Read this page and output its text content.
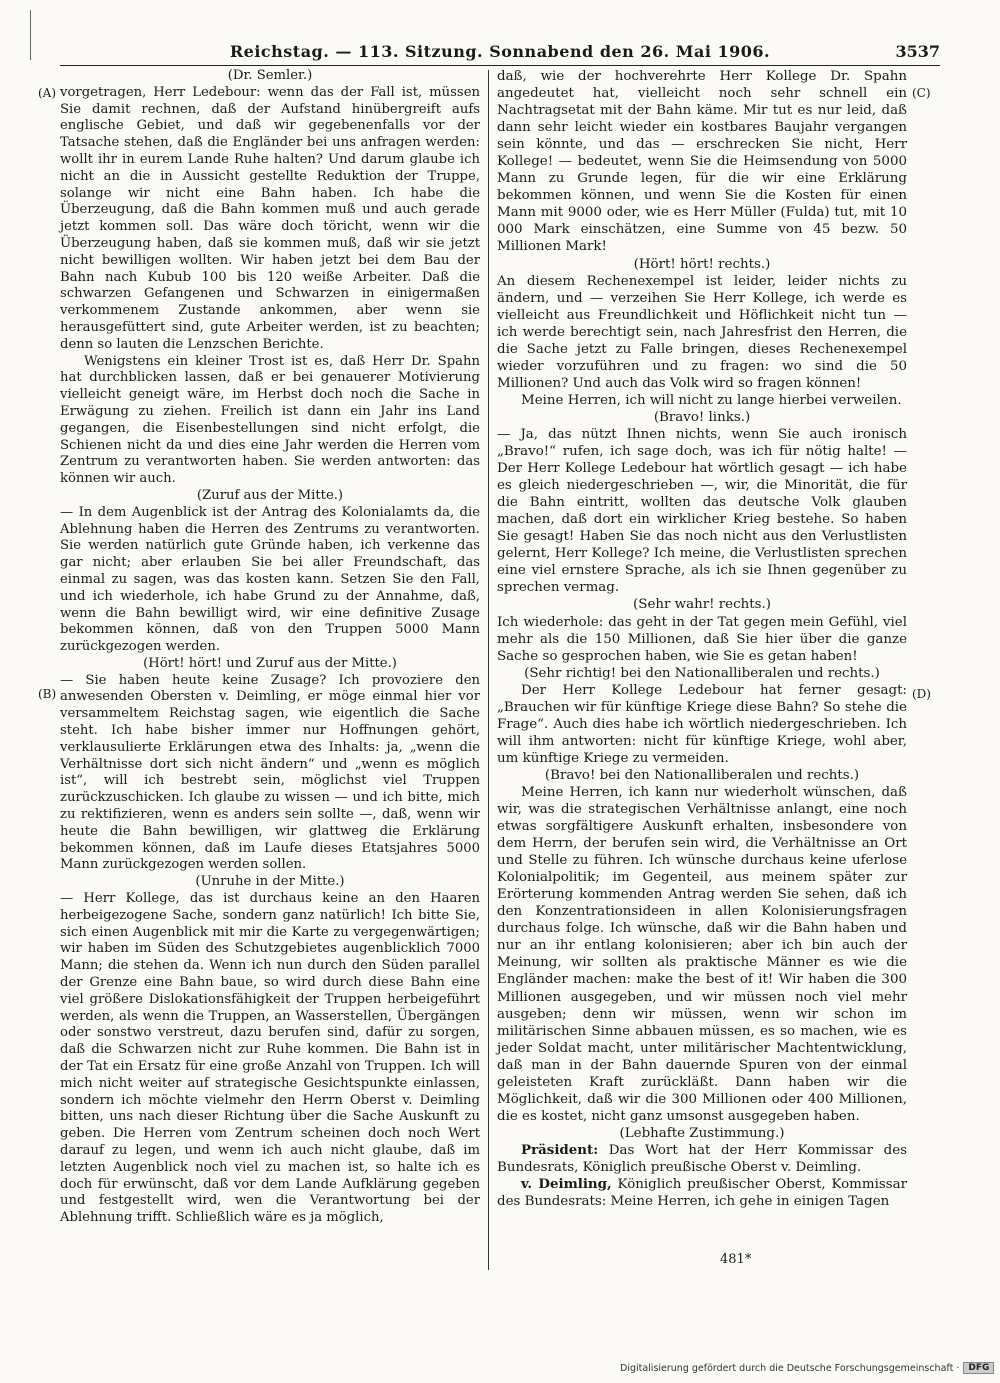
Reichstag. — 113. Sitzung. Sonnabend den 26. Mai 1906.	3537
(A)
(B)
(C)
(D)

(Dr. Semler.)

vorgetragen, Herr Ledebour: wenn das der Fall ist, müssen Sie damit rechnen, daß der Aufstand hinübergreift aufs englische Gebiet, und daß wir gegebenenfalls vor der Tatsache stehen, daß die Engländer bei uns anfragen werden: wollt ihr in eurem Lande Ruhe halten? Und darum glaube ich nicht an die in Aussicht gestellte Reduktion der Truppe, solange wir nicht eine Bahn haben. Ich habe die Überzeugung, daß die Bahn kommen muß und auch gerade jetzt kommen soll. Das wäre doch töricht, wenn wir die Überzeugung haben, daß sie kommen muß, daß wir sie jetzt nicht bewilligen wollten. Wir haben jetzt bei dem Bau der Bahn nach Kubub 100 bis 120 weiße Arbeiter. Daß die schwarzen Gefangenen und Schwarzen in einigermaßen verkommenem Zustande ankommen, aber wenn sie herausgefüttert sind, gute Arbeiter werden, ist zu beachten; denn so lauten die Lenzschen Berichte.

Wenigstens ein kleiner Trost ist es, daß Herr Dr. Spahn hat durchblicken lassen, daß er bei genauerer Motivierung vielleicht geneigt wäre, im Herbst doch noch die Sache in Erwägung zu ziehen. Freilich ist dann ein Jahr ins Land gegangen, die Eisenbestellungen sind nicht erfolgt, die Schienen nicht da und dies eine Jahr werden die Herren vom Zentrum zu verantworten haben. Sie werden antworten: das können wir auch.

(Zuruf aus der Mitte.)

— In dem Augenblick ist der Antrag des Kolonialamts da, die Ablehnung haben die Herren des Zentrums zu verantworten. Sie werden natürlich gute Gründe haben, ich verkenne das gar nicht; aber erlauben Sie bei aller Freundschaft, das einmal zu sagen, was das kosten kann. Setzen Sie den Fall, und ich wiederhole, ich habe Grund zu der Annahme, daß, wenn die Bahn bewilligt wird, wir eine definitive Zusage bekommen können, daß von den Truppen 5000 Mann zurückgezogen werden.

(Hört! hört! und Zuruf aus der Mitte.)

— Sie haben heute keine Zusage? Ich provoziere den anwesenden Obersten v. Deimling, er möge einmal hier vor versammeltem Reichstag sagen, wie eigentlich die Sache steht. Ich habe bisher immer nur Hoffnungen gehört, verklausulierte Erklärungen etwa des Inhalts: ja, „wenn die Verhältnisse dort sich nicht ändern“ und „wenn es möglich ist“, will ich bestrebt sein, möglichst viel Truppen zurückzuschicken. Ich glaube zu wissen — und ich bitte, mich zu rektifizieren, wenn es anders sein sollte —, daß, wenn wir heute die Bahn bewilligen, wir glattweg die Erklärung bekommen können, daß im Laufe dieses Etatsjahres 5000 Mann zurückgezogen werden sollen.

(Unruhe in der Mitte.)

— Herr Kollege, das ist durchaus keine an den Haaren herbeigezogene Sache, sondern ganz natürlich! Ich bitte Sie, sich einen Augenblick mit mir die Karte zu vergegenwärtigen; wir haben im Süden des Schutzgebietes augenblicklich 7000 Mann; die stehen da. Wenn ich nun durch den Süden parallel der Grenze eine Bahn baue, so wird durch diese Bahn eine viel größere Dislokationsfähigkeit der Truppen herbeigeführt werden, als wenn die Truppen, an Wasserstellen, Übergängen oder sonstwo verstreut, dazu berufen sind, dafür zu sorgen, daß die Schwarzen nicht zur Ruhe kommen. Die Bahn ist in der Tat ein Ersatz für eine große Anzahl von Truppen. Ich will mich nicht weiter auf strategische Gesichtspunkte einlassen, sondern ich möchte vielmehr den Herrn Oberst v. Deimling bitten, uns nach dieser Richtung über die Sache Auskunft zu geben. Die Herren vom Zentrum scheinen doch noch Wert darauf zu legen, und wenn ich auch nicht glaube, daß im letzten Augenblick noch viel zu machen ist, so halte ich es doch für erwünscht, daß vor dem Lande Aufklärung gegeben und festgestellt wird, wen die Verantwortung bei der Ablehnung trifft. Schließlich wäre es ja möglich,

daß, wie der hochverehrte Herr Kollege Dr. Spahn angedeutet hat, vielleicht noch sehr schnell ein Nachtragsetat mit der Bahn käme. Mir tut es nur leid, daß dann sehr leicht wieder ein kostbares Baujahr vergangen sein könnte, und das — erschrecken Sie nicht, Herr Kollege! — bedeutet, wenn Sie die Heimsendung von 5000 Mann zu Grunde legen, für die wir eine Erklärung bekommen können, und wenn Sie die Kosten für einen Mann mit 9000 oder, wie es Herr Müller (Fulda) tut, mit 10 000 Mark einschätzen, eine Summe von 45 bezw. 50 Millionen Mark!

(Hört! hört! rechts.)

An diesem Rechenexempel ist leider, leider nichts zu ändern, und — verzeihen Sie Herr Kollege, ich werde es vielleicht aus Freundlichkeit und Höflichkeit nicht tun — ich werde berechtigt sein, nach Jahresfrist den Herren, die die Sache jetzt zu Falle bringen, dieses Rechenexempel wieder vorzuführen und zu fragen: wo sind die 50 Millionen? Und auch das Volk wird so fragen können!

Meine Herren, ich will nicht zu lange hierbei verweilen.

(Bravo! links.)

— Ja, das nützt Ihnen nichts, wenn Sie auch ironisch „Bravo!“ rufen, ich sage doch, was ich für nötig halte! — Der Herr Kollege Ledebour hat wörtlich gesagt — ich habe es gleich niedergeschrieben —, wir, die Minorität, die für die Bahn eintritt, wollten das deutsche Volk glauben machen, daß dort ein wirklicher Krieg bestehe. So haben Sie gesagt! Haben Sie das noch nicht aus den Verlustlisten gelernt, Herr Kollege? Ich meine, die Verlustlisten sprechen eine viel ernstere Sprache, als ich sie Ihnen gegenüber zu sprechen vermag.

(Sehr wahr! rechts.)

Ich wiederhole: das geht in der Tat gegen mein Gefühl, viel mehr als die 150 Millionen, daß Sie hier über die ganze Sache so gesprochen haben, wie Sie es getan haben!

(Sehr richtig! bei den Nationalliberalen und rechts.)

Der Herr Kollege Ledebour hat ferner gesagt: „Brauchen wir für künftige Kriege diese Bahn? So stehe die Frage“. Auch dies habe ich wörtlich niedergeschrieben. Ich will ihm antworten: nicht für künftige Kriege, wohl aber, um künftige Kriege zu vermeiden.

(Bravo! bei den Nationalliberalen und rechts.)

Meine Herren, ich kann nur wiederholt wünschen, daß wir, was die strategischen Verhältnisse anlangt, eine noch etwas sorgfältigere Auskunft erhalten, insbesondere von dem Herrn, der berufen sein wird, die Verhältnisse an Ort und Stelle zu führen. Ich wünsche durchaus keine uferlose Kolonialpolitik; im Gegenteil, aus meinem später zur Erörterung kommenden Antrag werden Sie sehen, daß ich den Konzentrationsideen in allen Kolonisierungsfragen durchaus folge. Ich wünsche, daß wir die Bahn haben und nur an ihr entlang kolonisieren; aber ich bin auch der Meinung, wir sollten als praktische Männer es wie die Engländer machen: make the best of it! Wir haben die 300 Millionen ausgegeben, und wir müssen noch viel mehr ausgeben; denn wir müssen, wenn wir schon im militärischen Sinne abbauen müssen, es so machen, wie es jeder Soldat macht, unter militärischer Machtentwicklung, daß man in der Bahn dauernde Spuren von der einmal geleisteten Kraft zurückläßt. Dann haben wir die Möglichkeit, daß wir die 300 Millionen oder 400 Millionen, die es kostet, nicht ganz umsonst ausgegeben haben.

(Lebhafte Zustimmung.)

Präsident: Das Wort hat der Herr Kommissar des Bundesrats, Königlich preußische Oberst v. Deimling.

v. Deimling, Königlich preußischer Oberst, Kommissar des Bundesrats: Meine Herren, ich gehe in einigen Tagen

481*
Digitalisierung gefördert durch die Deutsche Forschungsgemeinschaft ·	DFG
